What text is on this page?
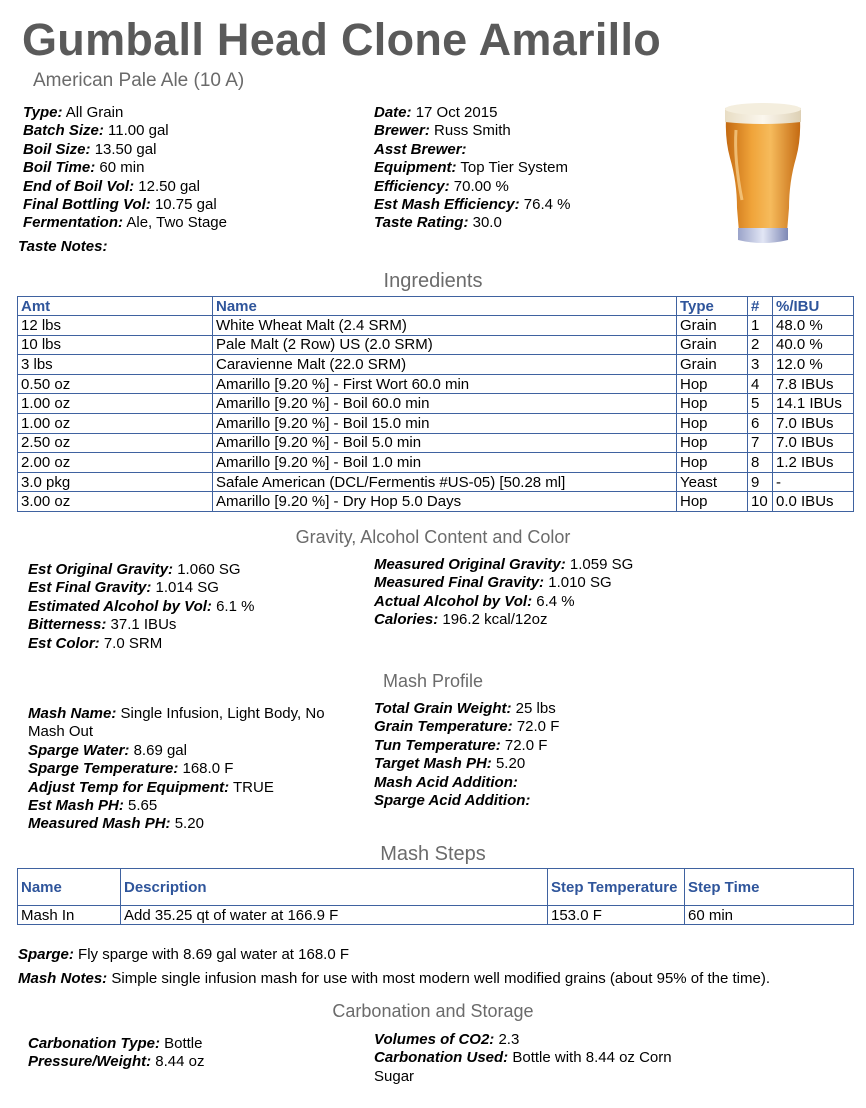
Gumball Head Clone Amarillo
American Pale Ale (10 A)
Type: All Grain
Batch Size: 11.00 gal
Boil Size: 13.50 gal
Boil Time: 60 min
End of Boil Vol: 12.50 gal
Final Bottling Vol: 10.75 gal
Fermentation: Ale, Two Stage
Taste Notes:
Date: 17 Oct 2015
Brewer: Russ Smith
Asst Brewer:
Equipment: Top Tier System
Efficiency: 70.00 %
Est Mash Efficiency: 76.4 %
Taste Rating: 30.0
Ingredients
Amt	Name	Type	#	%/IBU
12 lbs	White Wheat Malt (2.4 SRM)	Grain	1	48.0 %
10 lbs	Pale Malt (2 Row) US (2.0 SRM)	Grain	2	40.0 %
3 lbs	Caravienne Malt (22.0 SRM)	Grain	3	12.0 %
0.50 oz	Amarillo [9.20 %] - First Wort 60.0 min	Hop	4	7.8 IBUs
1.00 oz	Amarillo [9.20 %] - Boil 60.0 min	Hop	5	14.1 IBUs
1.00 oz	Amarillo [9.20 %] - Boil 15.0 min	Hop	6	7.0 IBUs
2.50 oz	Amarillo [9.20 %] - Boil 5.0 min	Hop	7	7.0 IBUs
2.00 oz	Amarillo [9.20 %] - Boil 1.0 min	Hop	8	1.2 IBUs
3.0 pkg	Safale American (DCL/Fermentis #US-05) [50.28 ml]	Yeast	9	-
3.00 oz	Amarillo [9.20 %] - Dry Hop 5.0 Days	Hop	10	0.0 IBUs
Gravity, Alcohol Content and Color
Est Original Gravity: 1.060 SG
Est Final Gravity: 1.014 SG
Estimated Alcohol by Vol: 6.1 %
Bitterness: 37.1 IBUs
Est Color: 7.0 SRM
Measured Original Gravity: 1.059 SG
Measured Final Gravity: 1.010 SG
Actual Alcohol by Vol: 6.4 %
Calories: 196.2 kcal/12oz
Mash Profile
Mash Name: Single Infusion, Light Body, No Mash Out
Sparge Water: 8.69 gal
Sparge Temperature: 168.0 F
Adjust Temp for Equipment: TRUE
Est Mash PH: 5.65
Measured Mash PH: 5.20
Total Grain Weight: 25 lbs
Grain Temperature: 72.0 F
Tun Temperature: 72.0 F
Target Mash PH: 5.20
Mash Acid Addition:
Sparge Acid Addition:
Mash Steps
Name	Description	Step Temperature	Step Time
Mash In	Add 35.25 qt of water at 166.9 F	153.0 F	60 min
Sparge: Fly sparge with 8.69 gal water at 168.0 F
Mash Notes: Simple single infusion mash for use with most modern well modified grains (about 95% of the time).
Carbonation and Storage
Carbonation Type: Bottle
Pressure/Weight: 8.44 oz
Volumes of CO2: 2.3
Carbonation Used: Bottle with 8.44 oz Corn Sugar
